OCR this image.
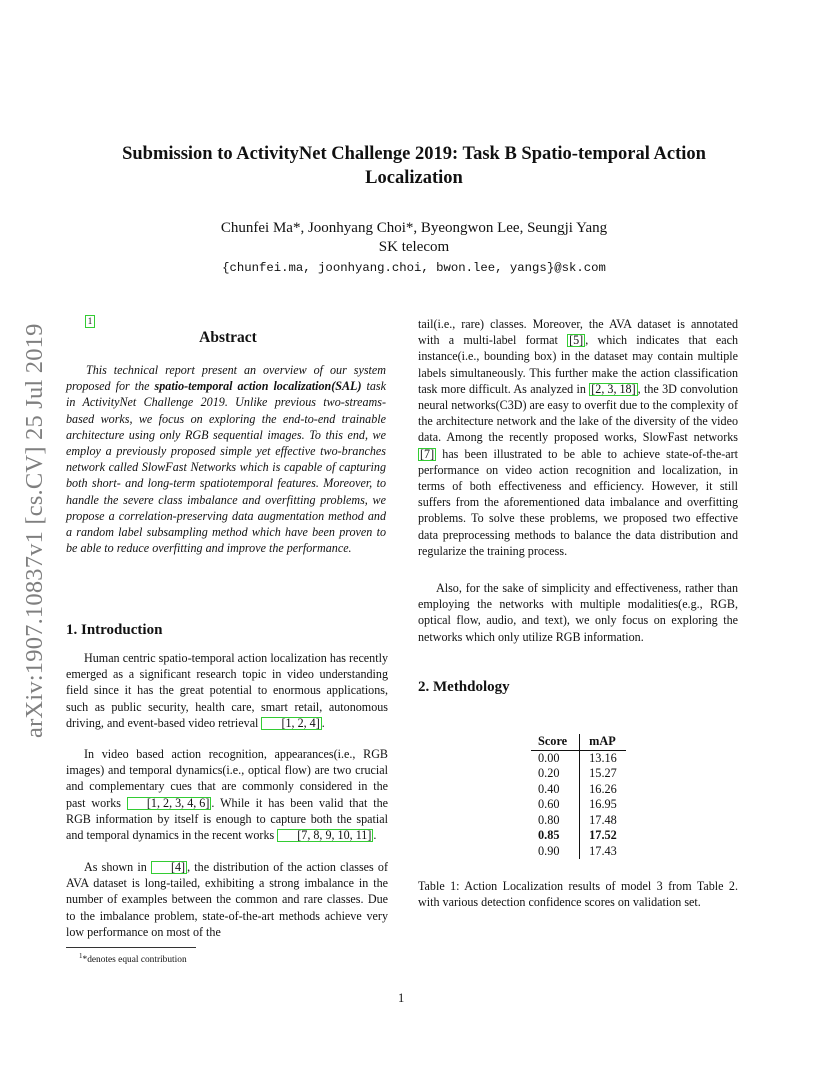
Submission to ActivityNet Challenge 2019: Task B Spatio-temporal Action Localization
Chunfei Ma*, Joonhyang Choi*, Byeongwon Lee, Seungji Yang
SK telecom
{chunfei.ma, joonhyang.choi, bwon.lee, yangs}@sk.com
arXiv:1907.10837v1 [cs.CV] 25 Jul 2019
1
Abstract
This technical report present an overview of our system proposed for the spatio-temporal action localization(SAL) task in ActivityNet Challenge 2019. Unlike previous two-streams-based works, we focus on exploring the end-to-end trainable architecture using only RGB sequential images. To this end, we employ a previously proposed simple yet effective two-branches network called SlowFast Networks which is capable of capturing both short- and long-term spatiotemporal features. Moreover, to handle the severe class imbalance and overfitting problems, we propose a correlation-preserving data augmentation method and a random label subsampling method which have been proven to be able to reduce overfitting and improve the performance.
1. Introduction
Human centric spatio-temporal action localization has recently emerged as a significant research topic in video understanding field since it has the great potential to enormous applications, such as public security, health care, smart retail, autonomous driving, and event-based video retrieval [1, 2, 4] .
In video based action recognition, appearances(i.e., RGB images) and temporal dynamics(i.e., optical flow) are two crucial and complementary cues that are commonly considered in the past works [1, 2, 3, 4, 6] . While it has been valid that the RGB information by itself is enough to capture both the spatial and temporal dynamics in the recent works [7, 8, 9, 10, 11] .
As shown in [4] , the distribution of the action classes of AVA dataset is long-tailed, exhibiting a strong imbalance in the number of examples between the common and rare classes. Due to the imbalance problem, state-of-the-art methods achieve very low performance on most of the
tail(i.e., rare) classes. Moreover, the AVA dataset is annotated with a multi-label format [5] , which indicates that each instance(i.e., bounding box) in the dataset may contain multiple labels simultaneously. This further make the action classification task more difficult. As analyzed in [2, 3, 18] , the 3D convolution neural networks(C3D) are easy to overfit due to the complexity of the architecture network and the lake of the diversity of the video data. Among the recently proposed works, SlowFast networks [7] has been illustrated to be able to achieve state-of-the-art performance on video action recognition and localization, in terms of both effectiveness and efficiency. However, it still suffers from the aforementioned data imbalance and overfitting problems. To solve these problems, we proposed two effective data preprocessing methods to balance the data distribution and regularize the training process.
Also, for the sake of simplicity and effectiveness, rather than employing the networks with multiple modalities(e.g., RGB, optical flow, audio, and text), we only focus on exploring the networks which only utilize RGB information.
2. Methdology
Score	mAP
0.00	13.16
0.20	15.27
0.40	16.26
0.60	16.95
0.80	17.48
0.85	17.52
0.90	17.43
Table 1: Action Localization results of model 3 from Table 2. with various detection confidence scores on validation set.
$^1$*denotes equal contribution
1
